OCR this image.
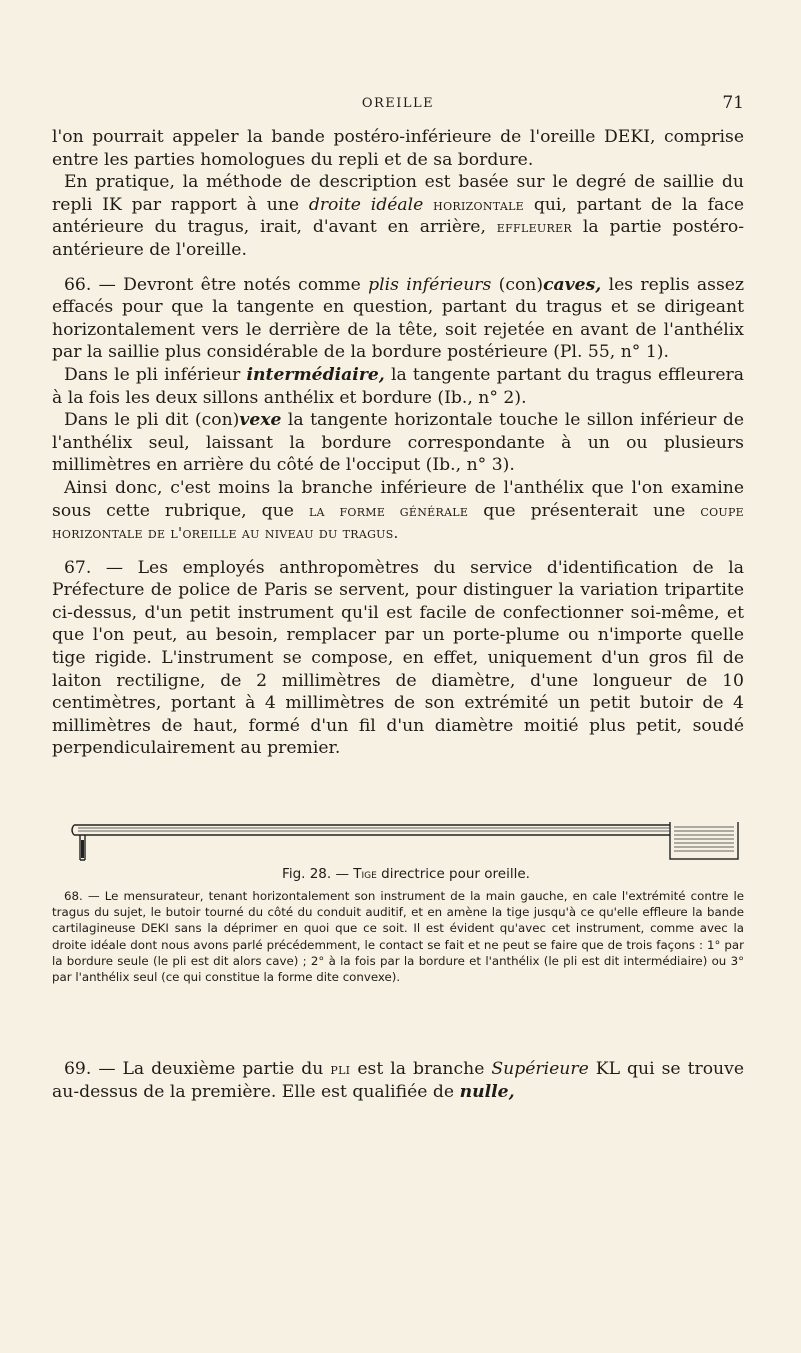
OREILLE	71

l'on pourrait appeler la bande postéro-inférieure de l'oreille DEKI, comprise entre les parties homologues du repli et de sa bordure.

En pratique, la méthode de description est basée sur le degré de saillie du repli IK par rapport à une droite idéale horizontale qui, partant de la face antérieure du tragus, irait, d'avant en arrière, effleurer la partie postéro-antérieure de l'oreille.

66. — Devront être notés comme plis inférieurs (con)caves, les replis assez effacés pour que la tangente en question, partant du tragus et se dirigeant horizontalement vers le derrière de la tête, soit rejetée en avant de l'anthélix par la saillie plus considérable de la bordure postérieure (Pl. 55, n° 1).

Dans le pli inférieur intermédiaire, la tangente partant du tragus effleurera à la fois les deux sillons anthélix et bordure (Ib., n° 2).

Dans le pli dit (con)vexe la tangente horizontale touche le sillon inférieur de l'anthélix seul, laissant la bordure correspondante à un ou plusieurs millimètres en arrière du côté de l'occiput (Ib., n° 3).

Ainsi donc, c'est moins la branche inférieure de l'anthélix que l'on examine sous cette rubrique, que la forme générale que présenterait une coupe horizontale de l'oreille au niveau du tragus.

67. — Les employés anthropomètres du service d'identification de la Préfecture de police de Paris se servent, pour distinguer la variation tripartite ci-dessus, d'un petit instrument qu'il est facile de confectionner soi-même, et que l'on peut, au besoin, remplacer par un porte-plume ou n'importe quelle tige rigide. L'instrument se compose, en effet, uniquement d'un gros fil de laiton rectiligne, de 2 millimètres de diamètre, d'une longueur de 10 centimètres, portant à 4 millimètres de son extrémité un petit butoir de 4 millimètres de haut, formé d'un fil d'un diamètre moitié plus petit, soudé perpendiculairement au premier.

Fig. 28. — Tige directrice pour oreille.

68. — Le mensurateur, tenant horizontalement son instrument de la main gauche, en cale l'extrémité contre le tragus du sujet, le butoir tourné du côté du conduit auditif, et en amène la tige jusqu'à ce qu'elle effleure la bande cartilagineuse DEKI sans la déprimer en quoi que ce soit. Il est évident qu'avec cet instrument, comme avec la droite idéale dont nous avons parlé précédemment, le contact se fait et ne peut se faire que de trois façons : 1° par la bordure seule (le pli est dit alors cave) ; 2° à la fois par la bordure et l'anthélix (le pli est dit intermédiaire) ou 3° par l'anthélix seul (ce qui constitue la forme dite convexe).

69. — La deuxième partie du pli est la branche Supérieure KL qui se trouve au-dessus de la première. Elle est qualifiée de nulle,
